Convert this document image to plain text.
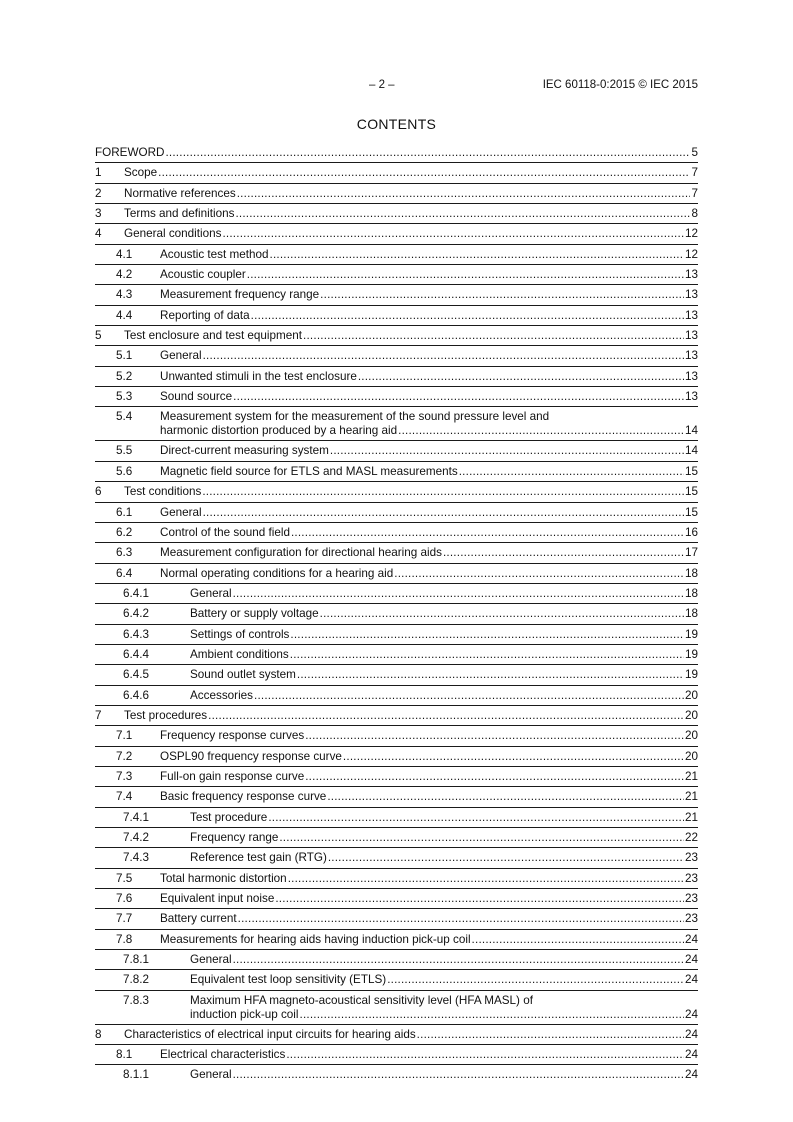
– 2 –	IEC 60118-0:2015 © IEC 2015
CONTENTS
FOREWORD .....	5
1 Scope .....	7
2 Normative references .....	7
3 Terms and definitions .....	8
4 General conditions .....	12
4.1 Acoustic test method .....	12
4.2 Acoustic coupler .....	13
4.3 Measurement frequency range .....	13
4.4 Reporting of data .....	13
5 Test enclosure and test equipment .....	13
5.1 General .....	13
5.2 Unwanted stimuli in the test enclosure .....	13
5.3 Sound source .....	13
5.4 Measurement system for the measurement of the sound pressure level and
harmonic distortion produced by a hearing aid .....	14
5.5 Direct-current measuring system .....	14
5.6 Magnetic field source for ETLS and MASL measurements .....	15
6 Test conditions .....	15
6.1 General .....	15
6.2 Control of the sound field .....	16
6.3 Measurement configuration for directional hearing aids .....	17
6.4 Normal operating conditions for a hearing aid .....	18
6.4.1	General .....	18
6.4.2	Battery or supply voltage .....	18
6.4.3	Settings of controls .....	19
6.4.4	Ambient conditions .....	19
6.4.5	Sound outlet system .....	19
6.4.6	Accessories .....	20
7 Test procedures .....	20
7.1 Frequency response curves .....	20
7.2 OSPL90 frequency response curve .....	20
7.3 Full-on gain response curve .....	21
7.4 Basic frequency response curve .....	21
7.4.1	Test procedure .....	21
7.4.2	Frequency range .....	22
7.4.3	Reference test gain (RTG) .....	23
7.5 Total harmonic distortion .....	23
7.6 Equivalent input noise .....	23
7.7 Battery current .....	23
7.8 Measurements for hearing aids having induction pick-up coil .....	24
7.8.1	General .....	24
7.8.2	Equivalent test loop sensitivity (ETLS) .....	24
7.8.3	Maximum HFA magneto-acoustical sensitivity level (HFA MASL) of
induction pick-up coil .....	24
8 Characteristics of electrical input circuits for hearing aids .....	24
8.1 Electrical characteristics .....	24
8.1.1	General .....	24
